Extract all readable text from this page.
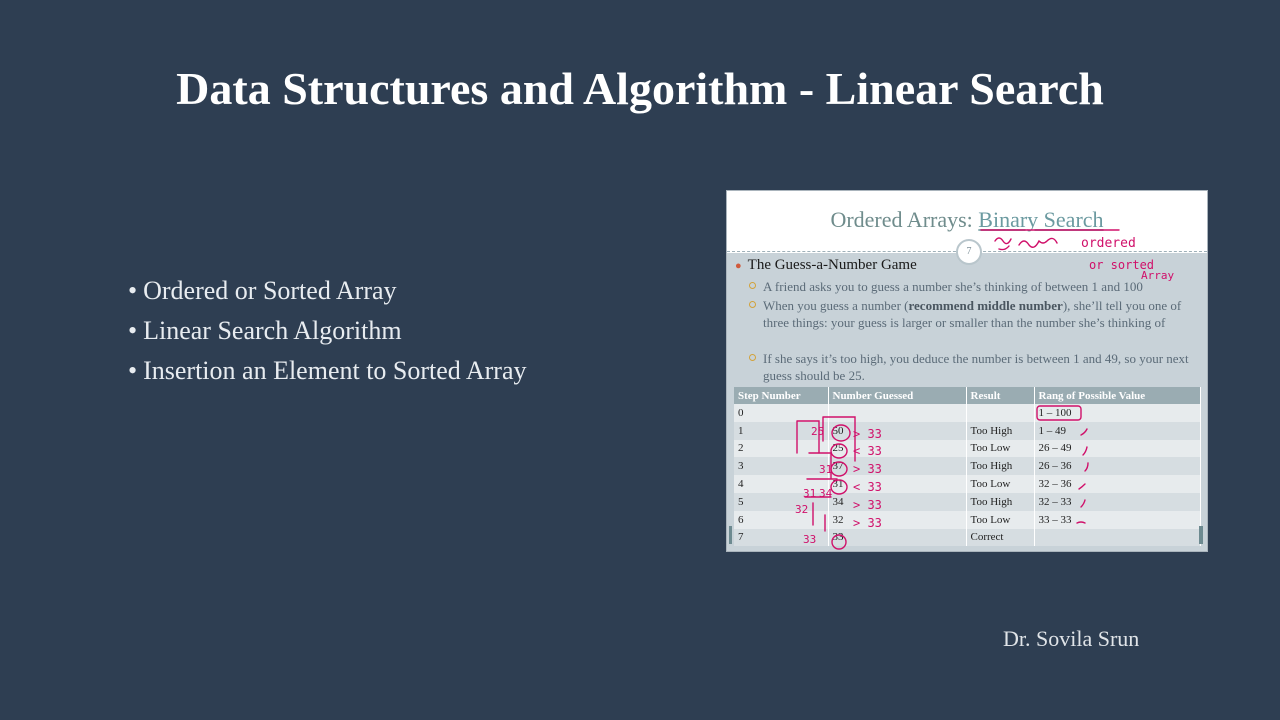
Data Structures and Algorithm - Linear Search
• Ordered or Sorted Array
• Linear Search Algorithm
• Insertion an Element to Sorted Array
Dr. Sovila Srun
Ordered Arrays: Binary Search
7
● The Guess-a-Number Game
A friend asks you to guess a number she’s thinking of between 1 and 100
When you guess a number (recommend middle number), she’ll tell you one of three things: your guess is larger or smaller than the number she’s thinking of
If she says it’s too high, you deduce the number is between 1 and 49, so your next guess should be 25.
Step Number	Number Guessed	Result	Rang of Possible Value
0			1 – 100
1	50	Too High	1 – 49
2	25	Too Low	26 – 49
3	37	Too High	26 – 36
4	31	Too Low	32 – 36
5	34	Too High	32 – 33
6	32	Too Low	33 – 33
7	33	Correct	
ordered
or sorted
Array
25
31
31 34
32
33
> 33
< 33
> 33
< 33
> 33
> 33
